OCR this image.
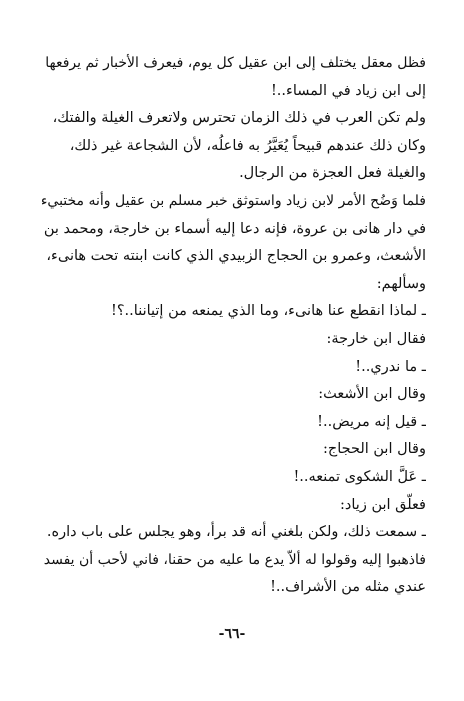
فظل معقل يختلف إلى ابن عقيل كل يوم، فيعرف الأخبار ثم يرفعها
إلى ابن زياد في المساء..!
ولم تكن العرب في ذلك الزمان تحترس ولاتعرف الغيلة والفتك،
وكان ذلك عندهم قبيحاً يُعَيَّرُ به فاعلُه، لأن الشجاعة غير ذلك،
والغيلة فعل العجزة من الرجال.
فلما وَضُح الأمر لابن زياد واستوثق خبر مسلم بن عقيل وأنه مختبيء
في دار هانى بن عروة، فإنه دعا إليه أسماء بن خارجة، ومحمد بن
الأشعث، وعمرو بن الحجاج الزبيدي الذي كانت ابنته تحت هانىء،
وسألهم:
ـ لماذا انقطع عنا هانىء، وما الذي يمنعه من إتياننا..؟!
فقال ابن خارجة:
ـ ما ندري..!
وقال ابن الأشعث:
ـ قيل إنه مريض..!
وقال ابن الحجاج:
ـ عَلَّ الشكوى تمنعه..!
فعلّق ابن زياد:
ـ سمعت ذلك، ولكن بلغني أنه قد برأ، وهو يجلس على باب داره.
فاذهبوا إليه وقولوا له ألاّ يدع ما عليه من حقنا، فاني لأحب أن يفسد
عندي مثله من الأشراف..!
-٦٦-
